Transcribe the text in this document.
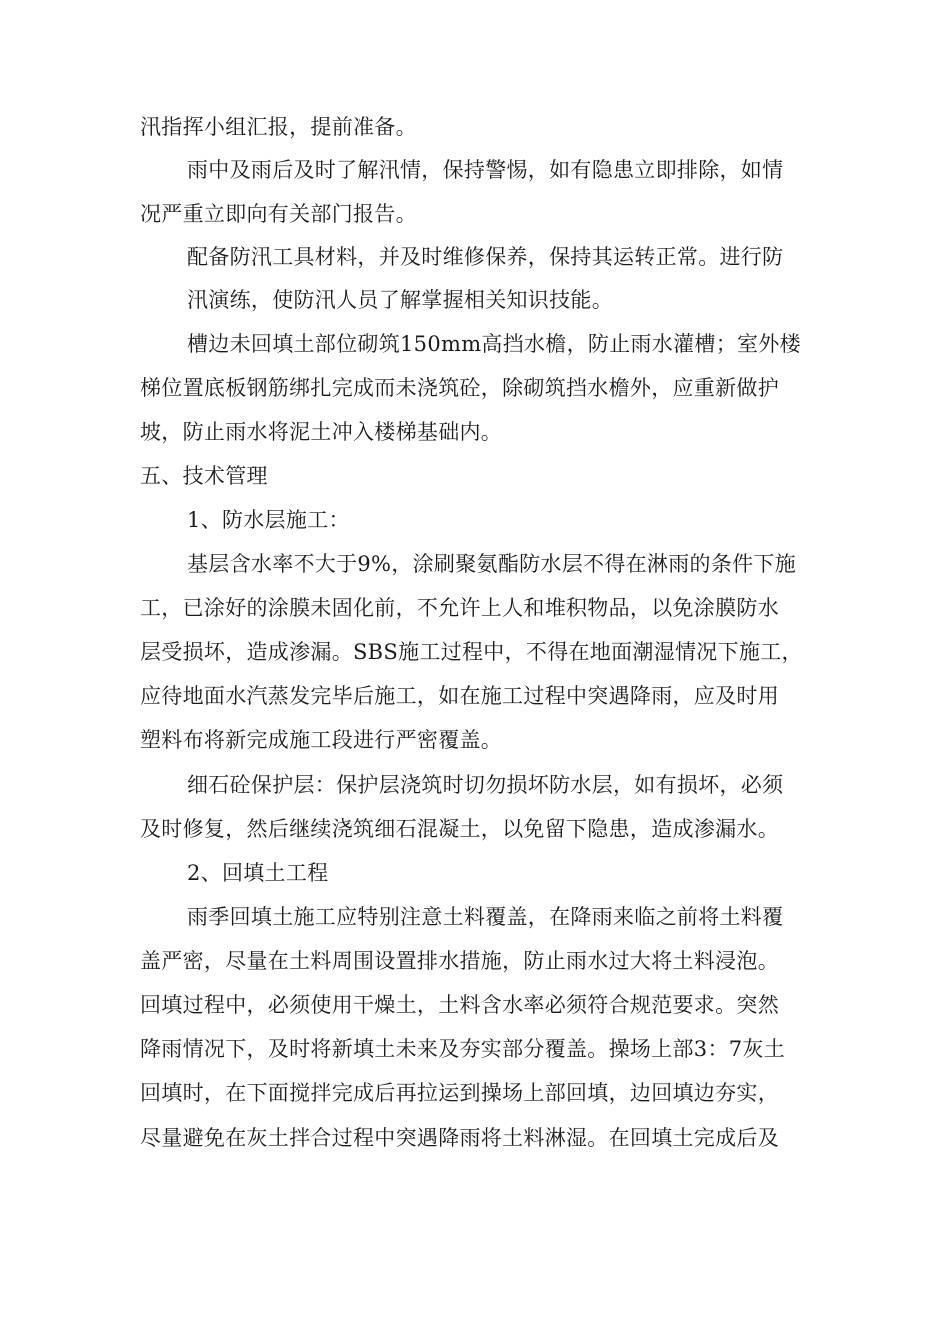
汛指挥小组汇报，提前准备。
雨中及雨后及时了解汛情，保持警惕，如有隐患立即排除，如情
况严重立即向有关部门报告。
配备防汛工具材料，并及时维修保养，保持其运转正常。进行防
汛演练，使防汛人员了解掌握相关知识技能。
槽边未回填土部位砌筑150mm高挡水檐，防止雨水灌槽；室外楼
梯位置底板钢筋绑扎完成而未浇筑砼，除砌筑挡水檐外，应重新做护
坡，防止雨水将泥土冲入楼梯基础内。
五、技术管理
1、防水层施工：
基层含水率不大于9%，涂刷聚氨酯防水层不得在淋雨的条件下施
工，已涂好的涂膜未固化前，不允许上人和堆积物品，以免涂膜防水
层受损坏，造成渗漏。SBS施工过程中，不得在地面潮湿情况下施工，
应待地面水汽蒸发完毕后施工，如在施工过程中突遇降雨，应及时用
塑料布将新完成施工段进行严密覆盖。
细石砼保护层：保护层浇筑时切勿损坏防水层，如有损坏，必须
及时修复，然后继续浇筑细石混凝土，以免留下隐患，造成渗漏水。
2、回填土工程
雨季回填土施工应特别注意土料覆盖，在降雨来临之前将土料覆
盖严密，尽量在土料周围设置排水措施，防止雨水过大将土料浸泡。
回填过程中，必须使用干燥土，土料含水率必须符合规范要求。突然
降雨情况下，及时将新填土未来及夯实部分覆盖。操场上部3：7灰土
回填时，在下面搅拌完成后再拉运到操场上部回填，边回填边夯实，
尽量避免在灰土拌合过程中突遇降雨将土料淋湿。在回填土完成后及
